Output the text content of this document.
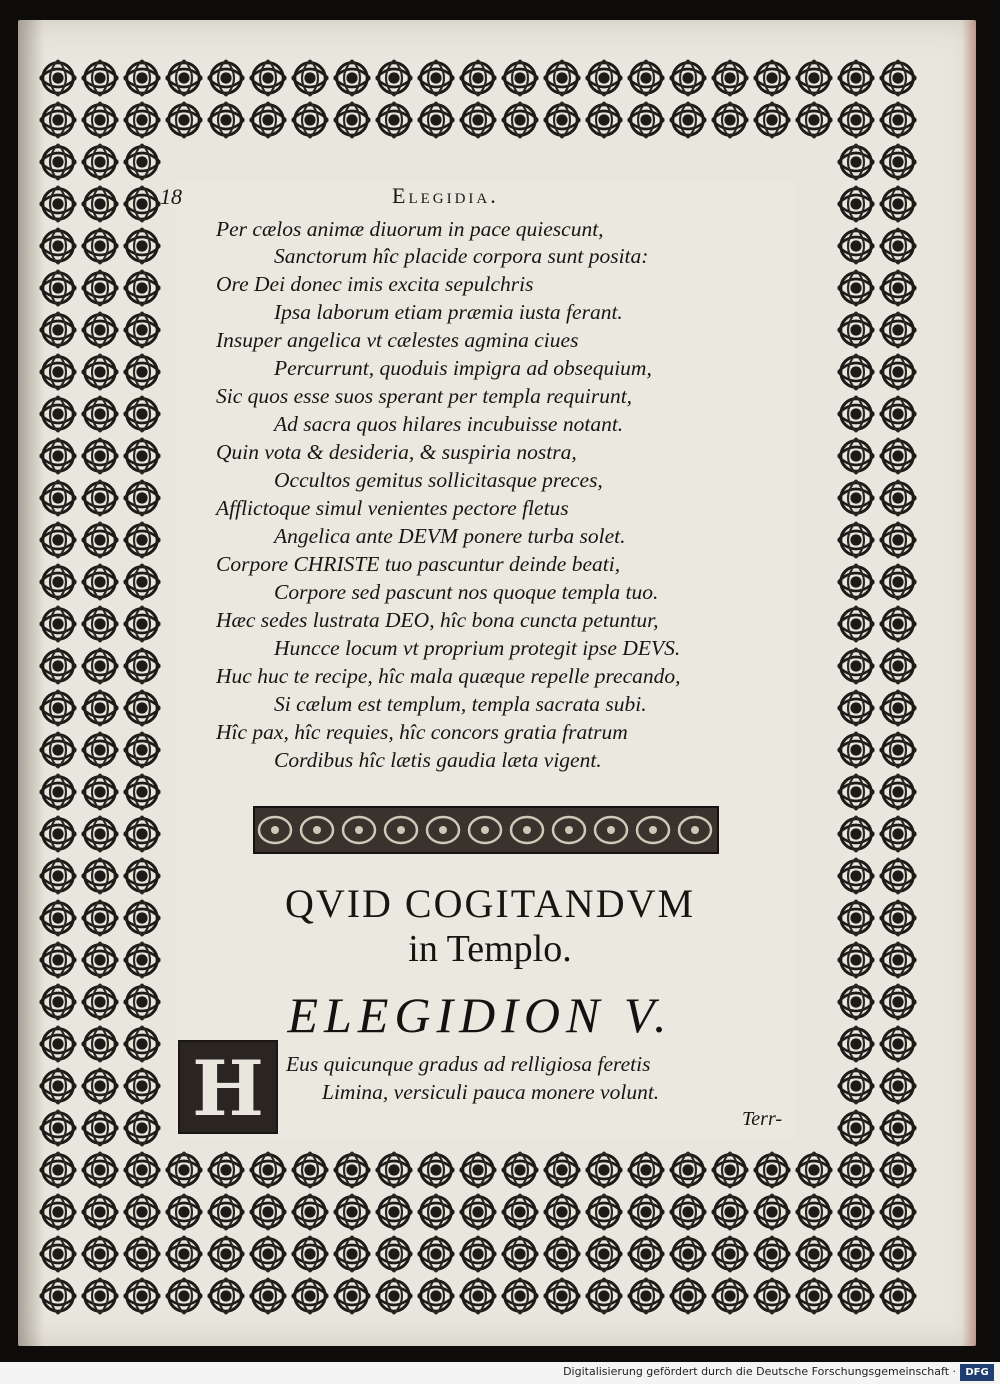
18	Elegidia.
Per cælos animæ diuorum in pace quiescunt,
Sanctorum hîc placide corpora sunt posita:
Ore Dei donec imis excita sepulchris
Ipsa laborum etiam præmia iusta ferant.
Insuper angelica vt cælestes agmina ciues
Percurrunt, quoduis impigra ad obsequium,
Sic quos esse suos sperant per templa requirunt,
Ad sacra quos hilares incubuisse notant.
Quin vota & desideria, & suspiria nostra,
Occultos gemitus sollicitasque preces,
Afflictoque simul venientes pectore fletus
Angelica ante DEVM ponere turba solet.
Corpore CHRISTE tuo pascuntur deinde beati,
Corpore sed pascunt nos quoque templa tuo.
Hæc sedes lustrata DEO, hîc bona cuncta petuntur,
Huncce locum vt proprium protegit ipse DEVS.
Huc huc te recipe, hîc mala quæque repelle precando,
Si cælum est templum, templa sacrata subi.
Hîc pax, hîc requies, hîc concors gratia fratrum
Cordibus hîc lætis gaudia læta vigent.
QVID COGITANDVM
in Templo.
ELEGIDION V.
H	Eus quicunque gradus ad relligiosa feretis
Limina, versiculi pauca monere volunt.
Terr-
Digitalisierung gefördert durch die Deutsche Forschungsgemeinschaft · DFG
